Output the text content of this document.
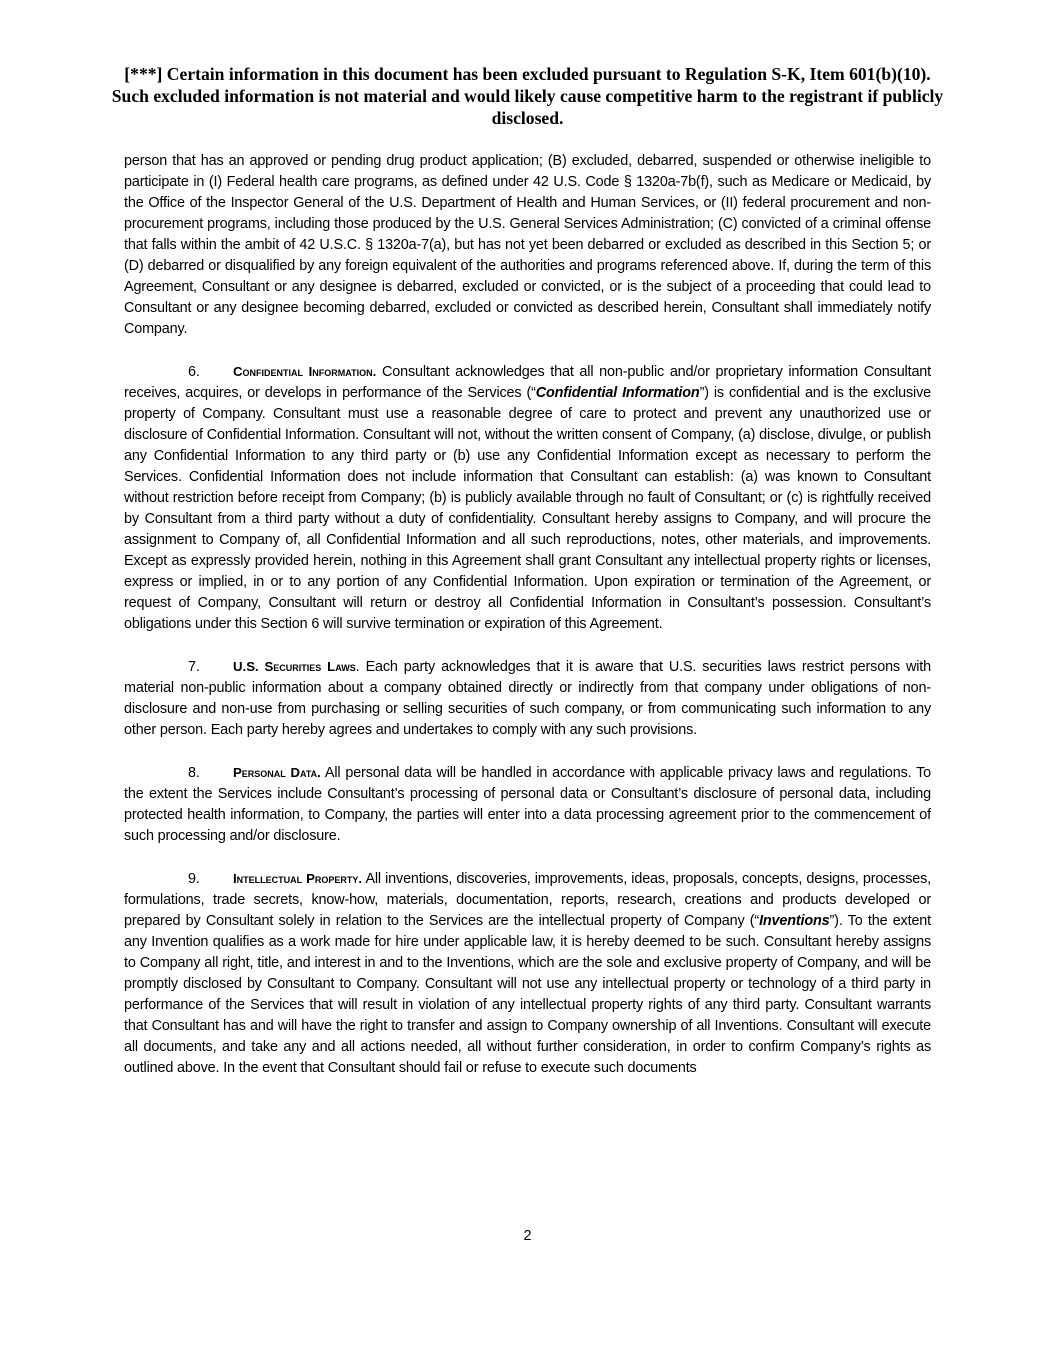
[***] Certain information in this document has been excluded pursuant to Regulation S-K, Item 601(b)(10). Such excluded information is not material and would likely cause competitive harm to the registrant if publicly disclosed.

person that has an approved or pending drug product application; (B) excluded, debarred, suspended or otherwise ineligible to participate in (I) Federal health care programs, as defined under 42 U.S. Code § 1320a-7b(f), such as Medicare or Medicaid, by the Office of the Inspector General of the U.S. Department of Health and Human Services, or (II) federal procurement and non-procurement programs, including those produced by the U.S. General Services Administration; (C) convicted of a criminal offense that falls within the ambit of 42 U.S.C. § 1320a-7(a), but has not yet been debarred or excluded as described in this Section 5; or (D) debarred or disqualified by any foreign equivalent of the authorities and programs referenced above. If, during the term of this Agreement, Consultant or any designee is debarred, excluded or convicted, or is the subject of a proceeding that could lead to Consultant or any designee becoming debarred, excluded or convicted as described herein, Consultant shall immediately notify Company.

6.	Confidential Information. Consultant acknowledges that all non-public and/or proprietary information Consultant receives, acquires, or develops in performance of the Services (“Confidential Information”) is confidential and is the exclusive property of Company. Consultant must use a reasonable degree of care to protect and prevent any unauthorized use or disclosure of Confidential Information. Consultant will not, without the written consent of Company, (a) disclose, divulge, or publish any Confidential Information to any third party or (b) use any Confidential Information except as necessary to perform the Services. Confidential Information does not include information that Consultant can establish: (a) was known to Consultant without restriction before receipt from Company; (b) is publicly available through no fault of Consultant; or (c) is rightfully received by Consultant from a third party without a duty of confidentiality. Consultant hereby assigns to Company, and will procure the assignment to Company of, all Confidential Information and all such reproductions, notes, other materials, and improvements. Except as expressly provided herein, nothing in this Agreement shall grant Consultant any intellectual property rights or licenses, express or implied, in or to any portion of any Confidential Information. Upon expiration or termination of the Agreement, or request of Company, Consultant will return or destroy all Confidential Information in Consultant’s possession. Consultant’s obligations under this Section 6 will survive termination or expiration of this Agreement.

7.	U.S. Securities Laws. Each party acknowledges that it is aware that U.S. securities laws restrict persons with material non-public information about a company obtained directly or indirectly from that company under obligations of non-disclosure and non-use from purchasing or selling securities of such company, or from communicating such information to any other person. Each party hereby agrees and undertakes to comply with any such provisions.

8.	Personal Data. All personal data will be handled in accordance with applicable privacy laws and regulations. To the extent the Services include Consultant’s processing of personal data or Consultant’s disclosure of personal data, including protected health information, to Company, the parties will enter into a data processing agreement prior to the commencement of such processing and/or disclosure.

9.	Intellectual Property. All inventions, discoveries, improvements, ideas, proposals, concepts, designs, processes, formulations, trade secrets, know-how, materials, documentation, reports, research, creations and products developed or prepared by Consultant solely in relation to the Services are the intellectual property of Company (“Inventions”). To the extent any Invention qualifies as a work made for hire under applicable law, it is hereby deemed to be such. Consultant hereby assigns to Company all right, title, and interest in and to the Inventions, which are the sole and exclusive property of Company, and will be promptly disclosed by Consultant to Company. Consultant will not use any intellectual property or technology of a third party in performance of the Services that will result in violation of any intellectual property rights of any third party. Consultant warrants that Consultant has and will have the right to transfer and assign to Company ownership of all Inventions. Consultant will execute all documents, and take any and all actions needed, all without further consideration, in order to confirm Company’s rights as outlined above. In the event that Consultant should fail or refuse to execute such documents

2
